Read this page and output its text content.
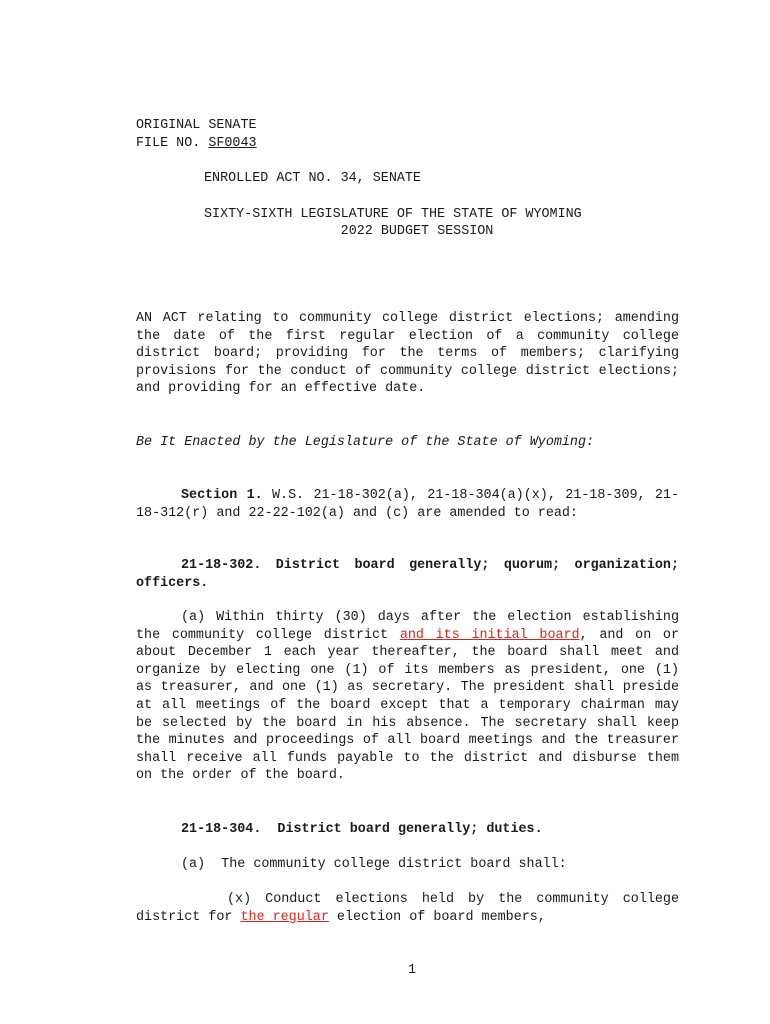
ORIGINAL SENATE
FILE NO. SF0043
ENROLLED ACT NO. 34, SENATE
SIXTY-SIXTH LEGISLATURE OF THE STATE OF WYOMING
2022 BUDGET SESSION
AN ACT relating to community college district elections; amending the date of the first regular election of a community college district board; providing for the terms of members; clarifying provisions for the conduct of community college district elections; and providing for an effective date.
Be It Enacted by the Legislature of the State of Wyoming:
Section 1. W.S. 21-18-302(a), 21-18-304(a)(x), 21-18-309, 21-18-312(r) and 22-22-102(a) and (c) are amended to read:
21-18-302. District board generally; quorum; organization; officers.
(a) Within thirty (30) days after the election establishing the community college district and its initial board, and on or about December 1 each year thereafter, the board shall meet and organize by electing one (1) of its members as president, one (1) as treasurer, and one (1) as secretary. The president shall preside at all meetings of the board except that a temporary chairman may be selected by the board in his absence. The secretary shall keep the minutes and proceedings of all board meetings and the treasurer shall receive all funds payable to the district and disburse them on the order of the board.
21-18-304.  District board generally; duties.
(a)  The community college district board shall:
(x) Conduct elections held by the community college district for the regular election of board members,
1
